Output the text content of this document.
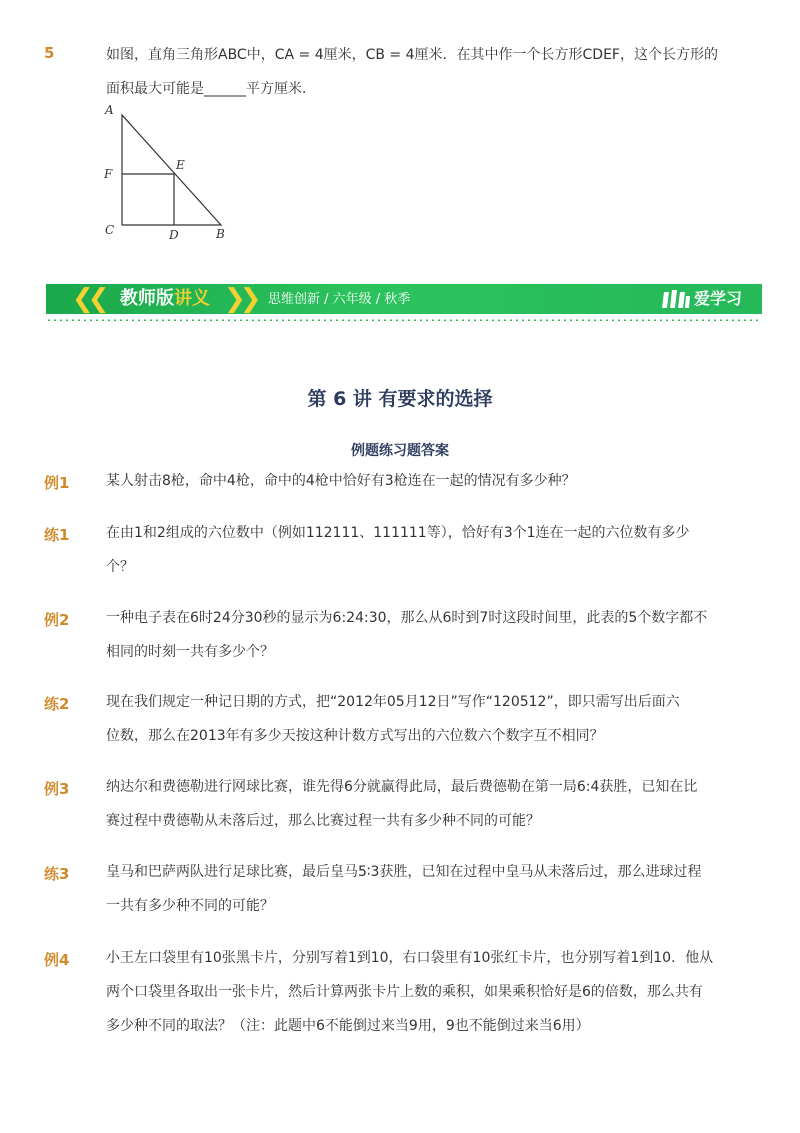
5	如图，直角三角形ABC中，CA = 4厘米，CB = 4厘米．在其中作一个长方形CDEF，这个长方形的
面积最大可能是______平方厘米．
A
E
F
C	D	B
❮❮ 教师版讲义 ❯❯ 思维创新 / 六年级 / 秋季	爱学习
第 6 讲 有要求的选择
例题练习题答案
例1	某人射击8枪，命中4枪，命中的4枪中恰好有3枪连在一起的情况有多少种？
练1	在由1和2组成的六位数中（例如112111、111111等），恰好有3个1连在一起的六位数有多少
个？
例2	一种电子表在6时24分30秒的显示为6:24:30，那么从6时到7时这段时间里，此表的5个数字都不
相同的时刻一共有多少个？
练2	现在我们规定一种记日期的方式，把“2012年05月12日”写作“120512”，即只需写出后面六
位数，那么在2013年有多少天按这种计数方式写出的六位数六个数字互不相同？
例3	纳达尔和费德勒进行网球比赛，谁先得6分就赢得此局，最后费德勒在第一局6:4获胜，已知在比
赛过程中费德勒从未落后过，那么比赛过程一共有多少种不同的可能？
练3	皇马和巴萨两队进行足球比赛，最后皇马5∶3获胜，已知在过程中皇马从未落后过，那么进球过程
一共有多少种不同的可能？
例4	小王左口袋里有10张黑卡片，分别写着1到10，右口袋里有10张红卡片，也分别写着1到10．他从
两个口袋里各取出一张卡片，然后计算两张卡片上数的乘积，如果乘积恰好是6的倍数，那么共有
多少种不同的取法？（注：此题中6不能倒过来当9用，9也不能倒过来当6用）
